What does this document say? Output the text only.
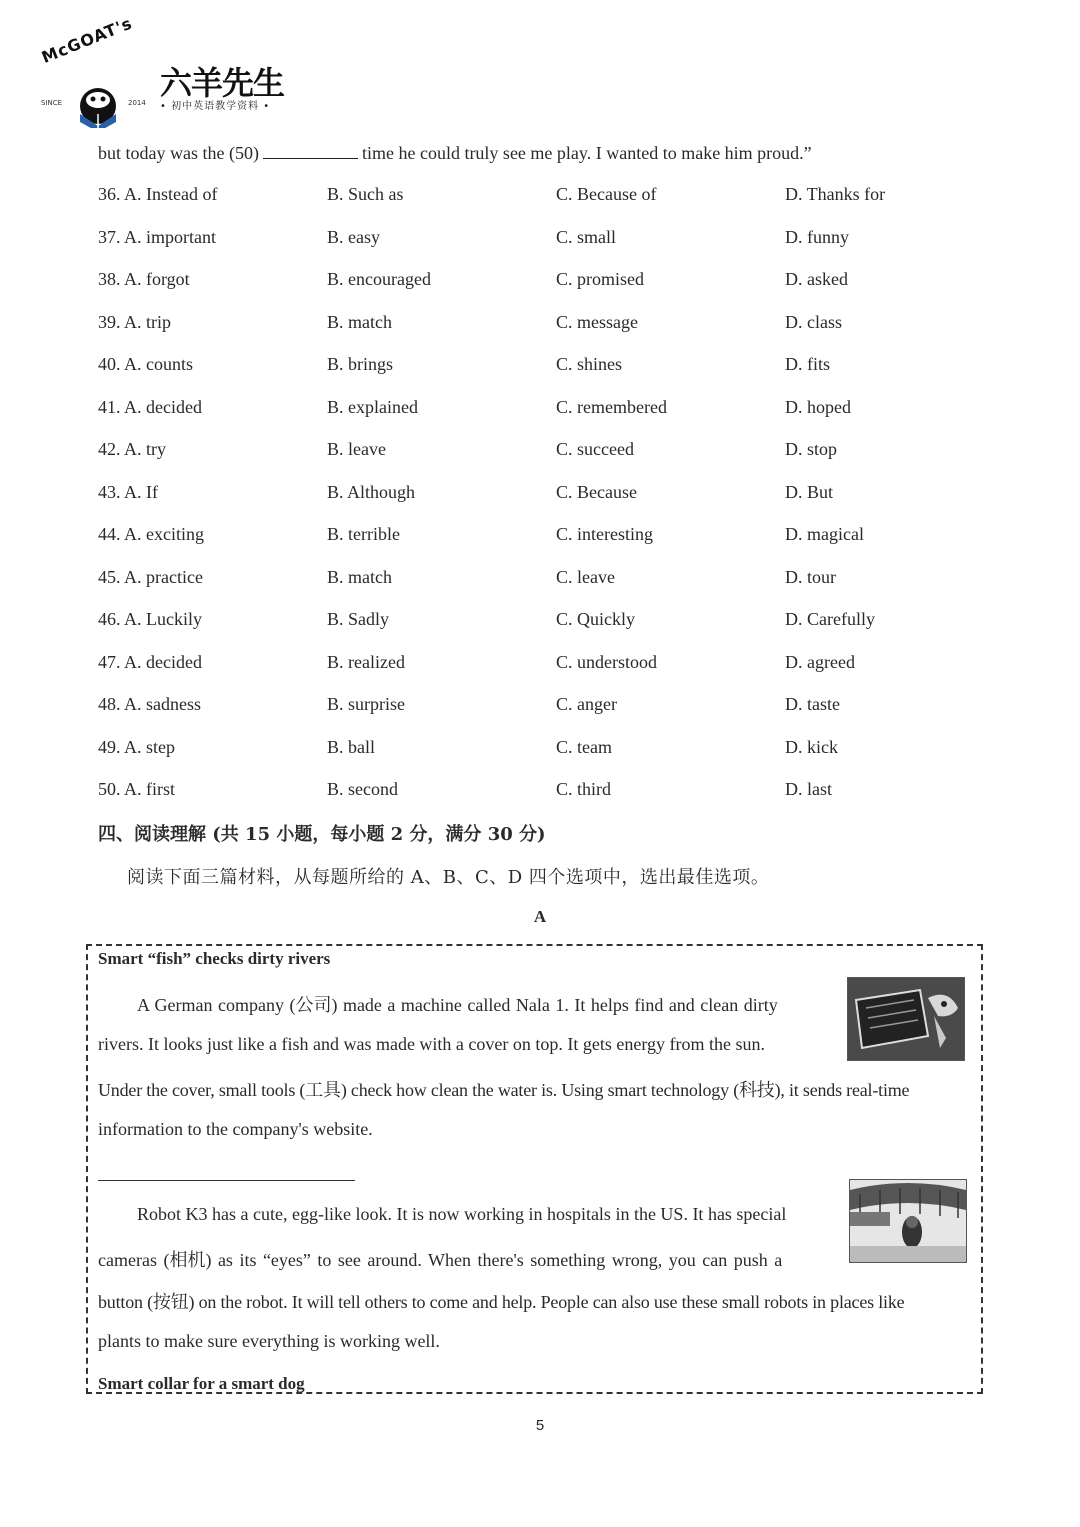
McGOAT's
SINCE	2014
六羊先生
• 初中英语教学资料 •
but today was the (50)	time he could truly see me play. I wanted to make him proud.”
36. A. Instead of	B. Such as	C. Because of	D. Thanks for
37. A. important	B. easy	C. small	D. funny
38. A. forgot	B. encouraged	C. promised	D. asked
39. A. trip	B. match	C. message	D. class
40. A. counts	B. brings	C. shines	D. fits
41. A. decided	B. explained	C. remembered	D. hoped
42. A. try	B. leave	C. succeed	D. stop
43. A. If	B. Although	C. Because	D. But
44. A. exciting	B. terrible	C. interesting	D. magical
45. A. practice	B. match	C. leave	D. tour
46. A. Luckily	B. Sadly	C. Quickly	D. Carefully
47. A. decided	B. realized	C. understood	D. agreed
48. A. sadness	B. surprise	C. anger	D. taste
49. A. step	B. ball	C. team	D. kick
50. A. first	B. second	C. third	D. last
四、阅读理解 (共 15 小题，每小题 2 分，满分 30 分)
阅读下面三篇材料，从每题所给的 A、B、C、D 四个选项中，选出最佳选项。
A
Smart “fish” checks dirty rivers
A German company (公司) made a machine called Nala 1. It helps find and clean dirty
rivers. It looks just like a fish and was made with a cover on top. It gets energy from the sun.
Under the cover, small tools (工具) check how clean the water is. Using smart technology (科技), it sends real-time
information to the company's website.
Robot K3 has a cute, egg-like look. It is now working in hospitals in the US. It has special
cameras (相机) as its “eyes” to see around. When there's something wrong, you can push a
button (按钮) on the robot. It will tell others to come and help. People can also use these small robots in places like
plants to make sure everything is working well.
Smart collar for a smart dog
5
